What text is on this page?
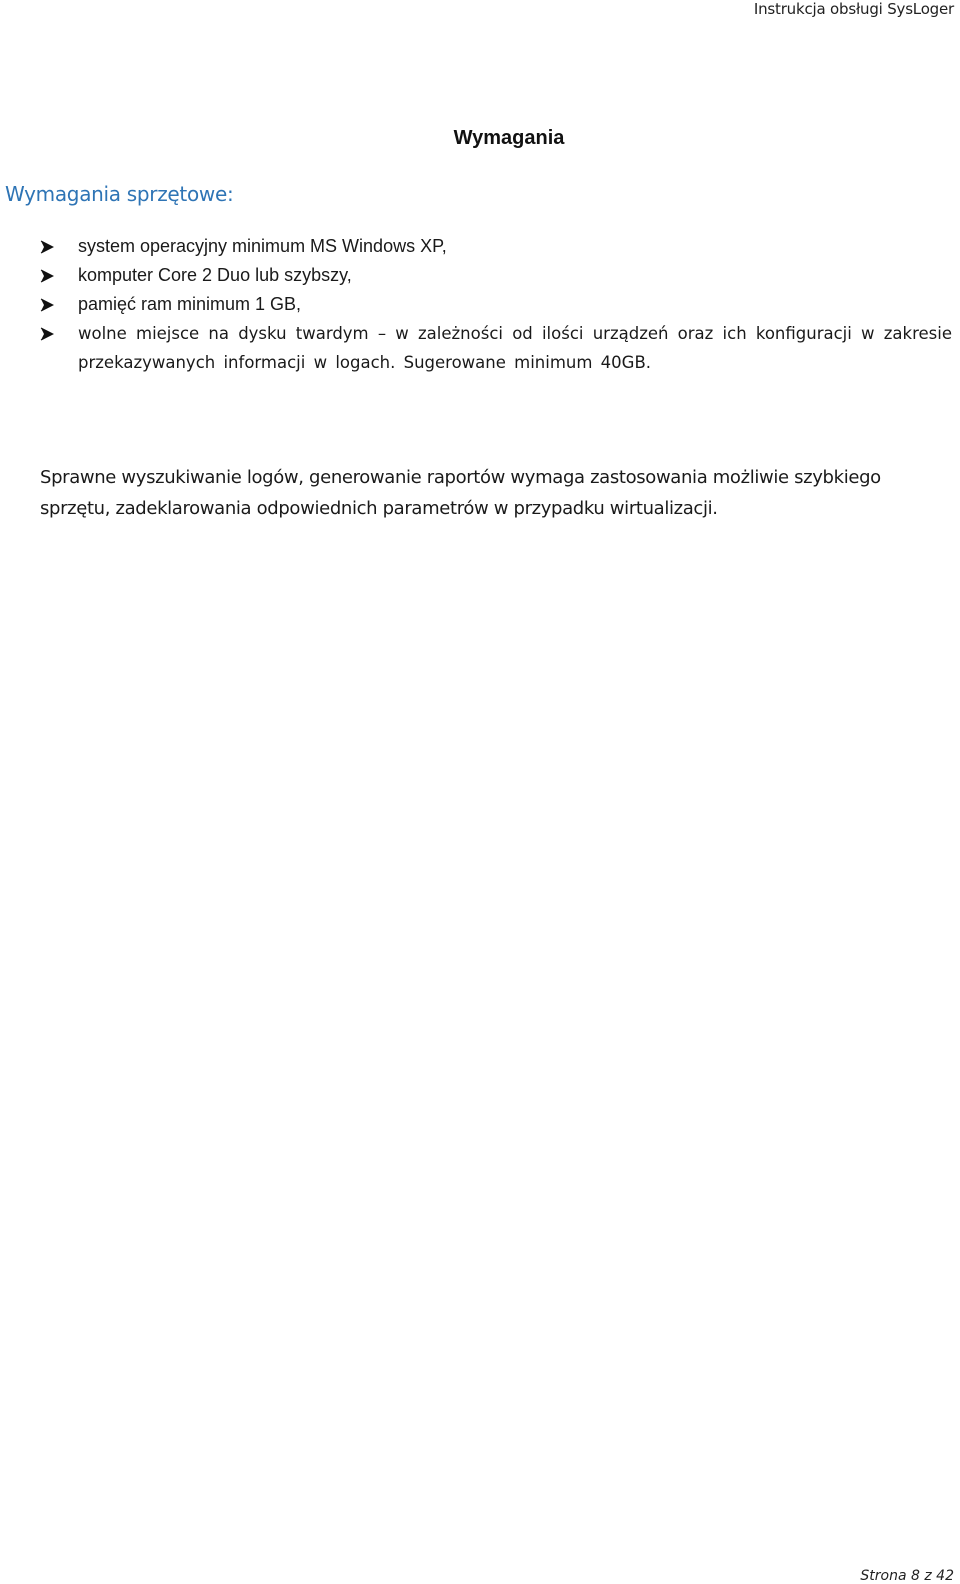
Instrukcja obsługi SysLoger
Wymagania
Wymagania sprzętowe:
system operacyjny minimum MS Windows XP,
komputer Core 2 Duo lub szybszy,
pamięć ram minimum 1 GB,
wolne miejsce na dysku twardym – w zależności od ilości urządzeń oraz ich konfiguracji w zakresie przekazywanych informacji w logach. Sugerowane minimum 40GB.

Sprawne wyszukiwanie logów, generowanie raportów wymaga zastosowania możliwie szybkiego sprzętu, zadeklarowania odpowiednich parametrów w przypadku wirtualizacji.

Strona 8 z 42
